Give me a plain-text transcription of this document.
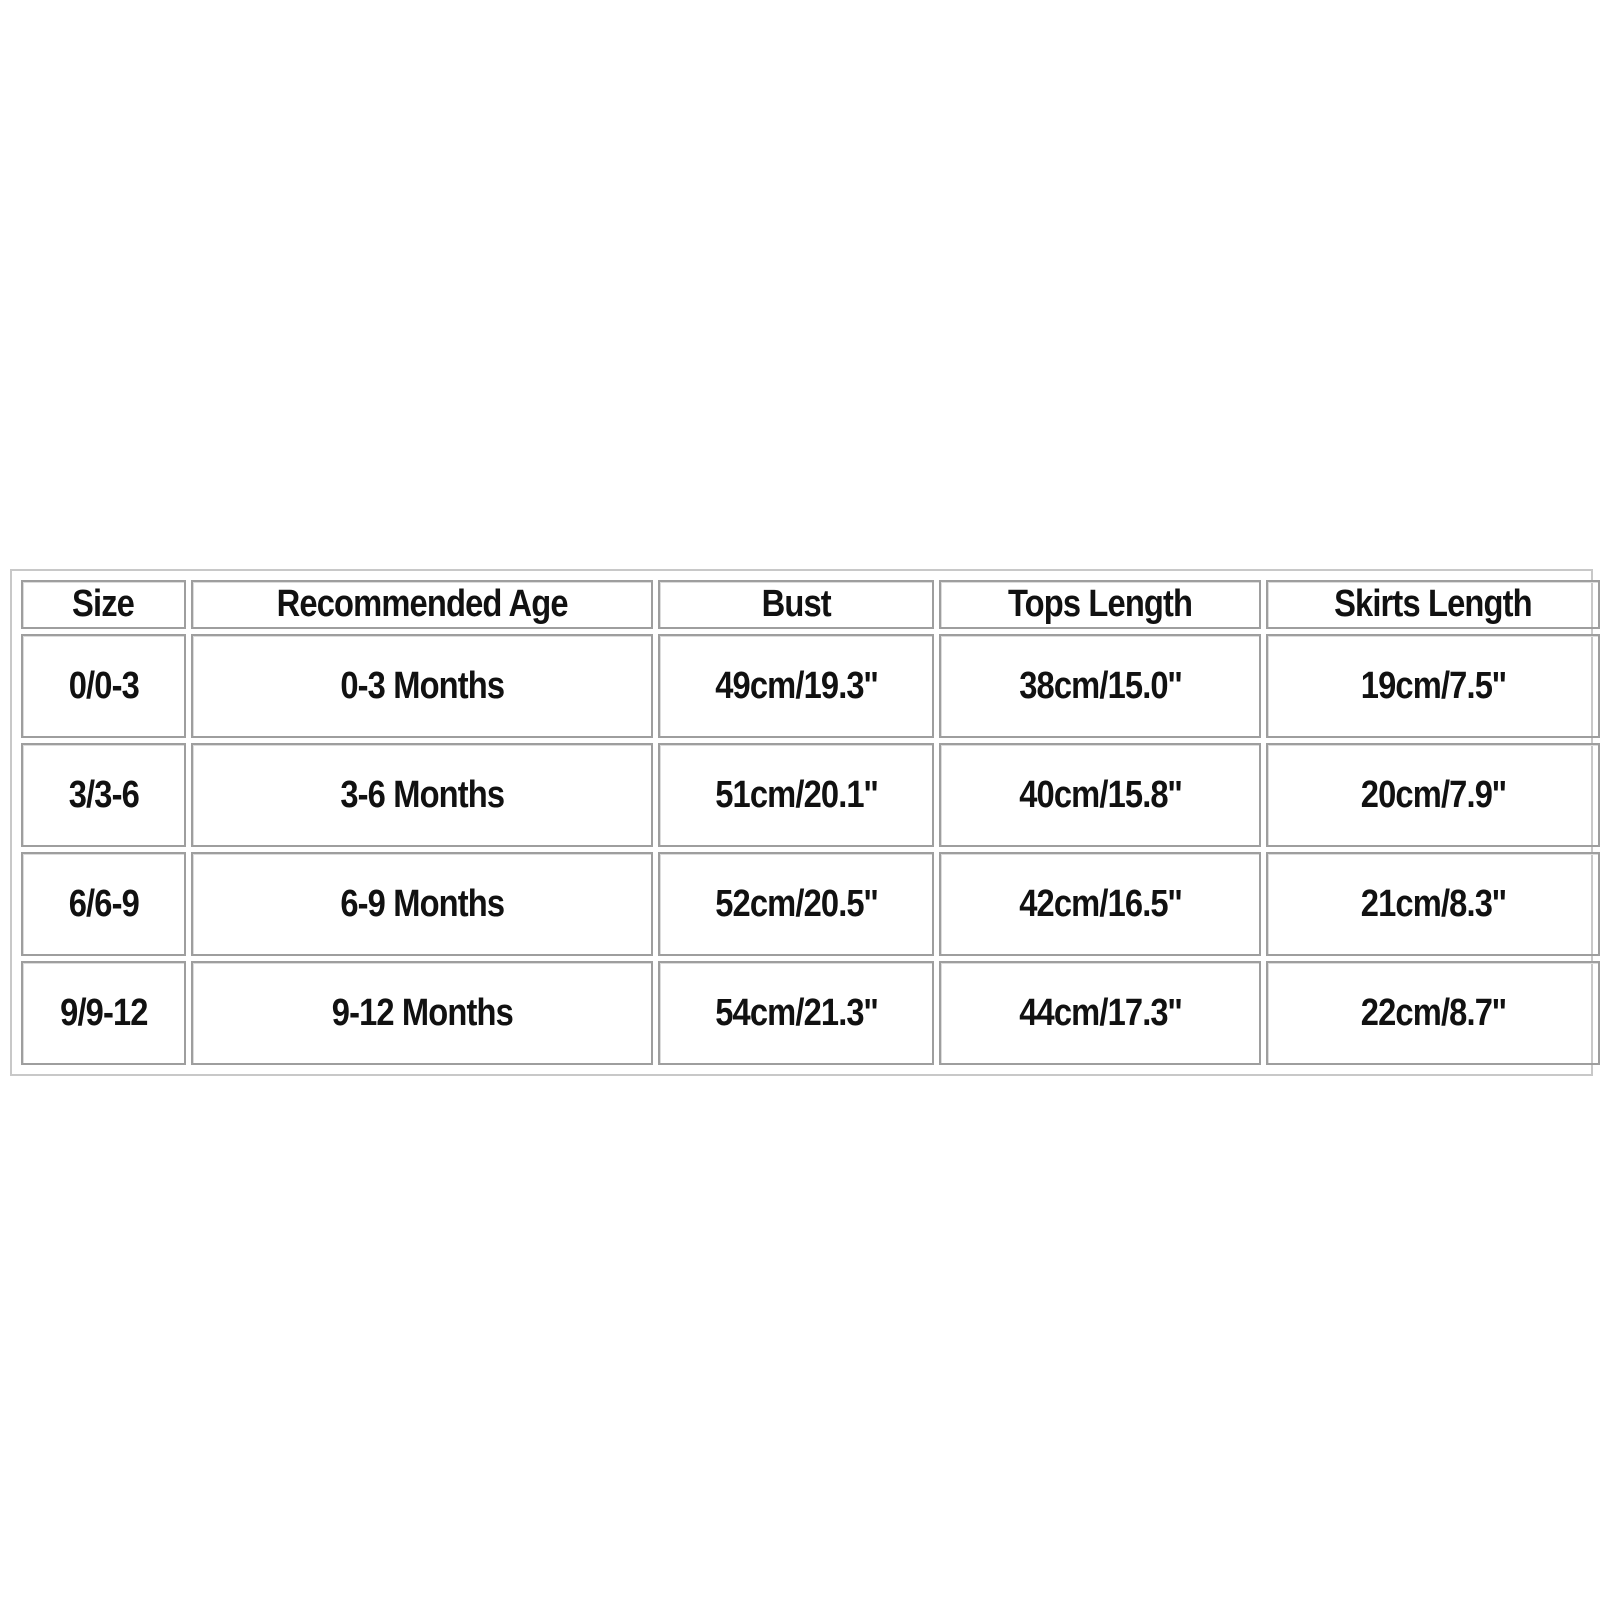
Size	Recommended Age	Bust	Tops Length	Skirts Length
0/0-3	0-3 Months	49cm/19.3''	38cm/15.0''	19cm/7.5''
3/3-6	3-6 Months	51cm/20.1''	40cm/15.8''	20cm/7.9''
6/6-9	6-9 Months	52cm/20.5''	42cm/16.5''	21cm/8.3''
9/9-12	9-12 Months	54cm/21.3''	44cm/17.3''	22cm/8.7''
